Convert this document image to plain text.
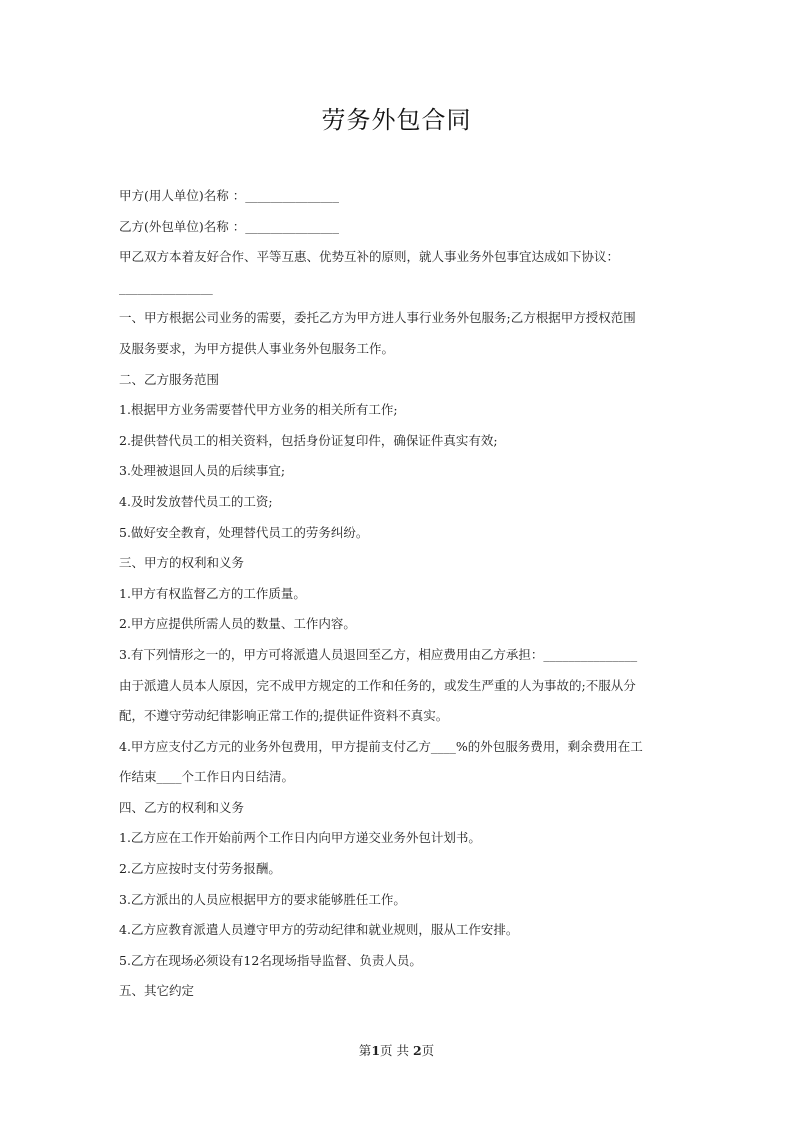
劳务外包合同

甲方(用人单位)名称 ：_______________

乙方(外包单位)名称 ：_______________

甲乙双方本着友好合作、平等互惠、优势互补的原则，就人事业务外包事宜达成如下协议：

_______________

一、甲方根据公司业务的需要，委托乙方为甲方进人事行业务外包服务;乙方根据甲方授权范围

及服务要求，为甲方提供人事业务外包服务工作。

二、乙方服务范围

1.根据甲方业务需要替代甲方业务的相关所有工作;

2.提供替代员工的相关资料，包括身份证复印件，确保证件真实有效;

3.处理被退回人员的后续事宜;

4.及时发放替代员工的工资;

5.做好安全教育，处理替代员工的劳务纠纷。

三、甲方的权利和义务

1.甲方有权监督乙方的工作质量。

2.甲方应提供所需人员的数量、工作内容。

3.有下列情形之一的，甲方可将派遣人员退回至乙方，相应费用由乙方承担：_______________

由于派遣人员本人原因，完不成甲方规定的工作和任务的，或发生严重的人为事故的;不服从分

配，不遵守劳动纪律影响正常工作的;提供证件资料不真实。

4.甲方应支付乙方元的业务外包费用，甲方提前支付乙方____%的外包服务费用，剩余费用在工

作结束____个工作日内日结清。

四、乙方的权利和义务

1.乙方应在工作开始前两个工作日内向甲方递交业务外包计划书。

2.乙方应按时支付劳务报酬。

3.乙方派出的人员应根据甲方的要求能够胜任工作。

4.乙方应教育派遣人员遵守甲方的劳动纪律和就业规则，服从工作安排。

5.乙方在现场必须设有12名现场指导监督、负责人员。

五、其它约定

第1页 共 2页
